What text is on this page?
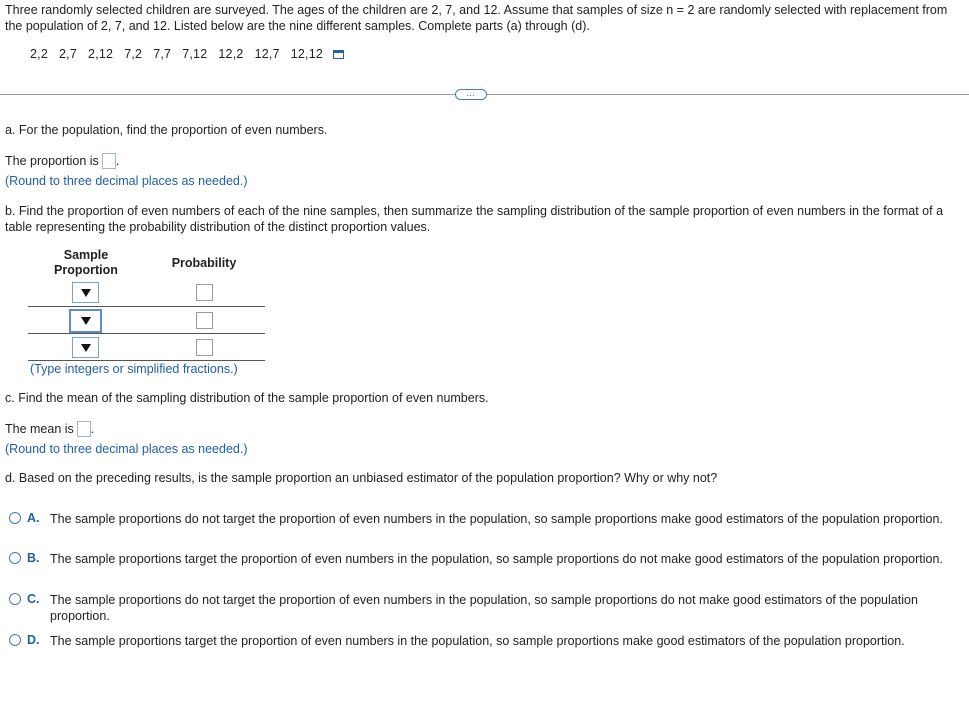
Three randomly selected children are surveyed. The ages of the children are 2, 7, and 12. Assume that samples of size n = 2 are randomly selected with replacement from the population of 2, 7, and 12. Listed below are the nine different samples. Complete parts (a) through (d).
2,2 2,7 2,12 7,2 7,7 7,12 12,2 12,7 12,12
…
a. For the population, find the proportion of even numbers.
The proportion is .
(Round to three decimal places as needed.)
b. Find the proportion of even numbers of each of the nine samples, then summarize the sampling distribution of the sample proportion of even numbers in the format of a table representing the probability distribution of the distinct proportion values.
Sample
Proportion	Probability
(Type integers or simplified fractions.)
c. Find the mean of the sampling distribution of the sample proportion of even numbers.
The mean is .
(Round to three decimal places as needed.)
d. Based on the preceding results, is the sample proportion an unbiased estimator of the population proportion? Why or why not?
A. The sample proportions do not target the proportion of even numbers in the population, so sample proportions make good estimators of the population proportion.
B. The sample proportions target the proportion of even numbers in the population, so sample proportions do not make good estimators of the population proportion.
C. The sample proportions do not target the proportion of even numbers in the population, so sample proportions do not make good estimators of the population proportion.
D. The sample proportions target the proportion of even numbers in the population, so sample proportions make good estimators of the population proportion.
